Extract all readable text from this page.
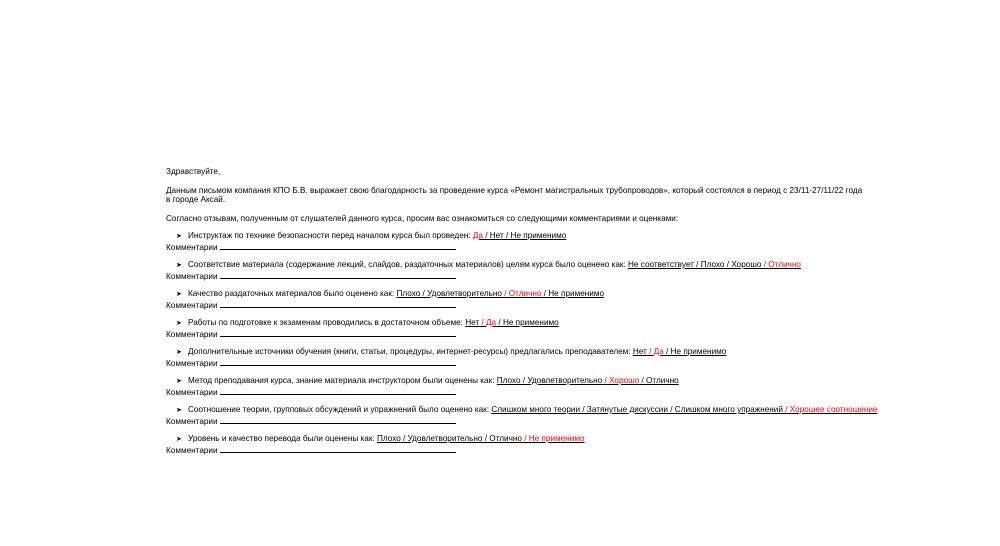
Здравствуйте,
Данным письмом компания КПО Б.В. выражает свою благодарность за проведение курса «Ремонт магистральных трубопроводов», который состоялся в период с 23/11-27/11/22 года в городе Аксай.
Согласно отзывам, полученным от слушателей данного курса, просим вас ознакомиться со следующими комментариями и оценками:
➤ Инструктаж по технике безопасности перед началом курса был проведен: Да / Нет / Не применимо
Комментарии
➤ Соответствие материала (содержание лекций, слайдов, раздаточных материалов) целям курса было оценено как: Не соответствует / Плохо / Хорошо / Отлично
Комментарии
➤ Качество раздаточных материалов было оценено как: Плохо / Удовлетворительно / Отлично / Не применимо
Комментарии
➤ Работы по подготовке к экзаменам проводились в достаточном объеме: Нет / Да / Не применимо
Комментарии
➤ Дополнительные источники обучения (книги, статьи, процедуры, интернет-ресурсы) предлагались преподавателем: Нет / Да / Не применимо
Комментарии
➤ Метод преподавания курса, знание материала инструктором были оценены как: Плохо / Удовлетворительно / Хорошо / Отлично
Комментарии
➤ Соотношение теории, групповых обсуждений и упражнений было оценено как: Слишком много теории / Затянутые дискуссии / Слишком много упражнений / Хорошее соотношение
Комментарии
➤ Уровень и качество перевода были оценены как: Плохо / Удовлетворительно / Отлично / Не применимо
Комментарии
